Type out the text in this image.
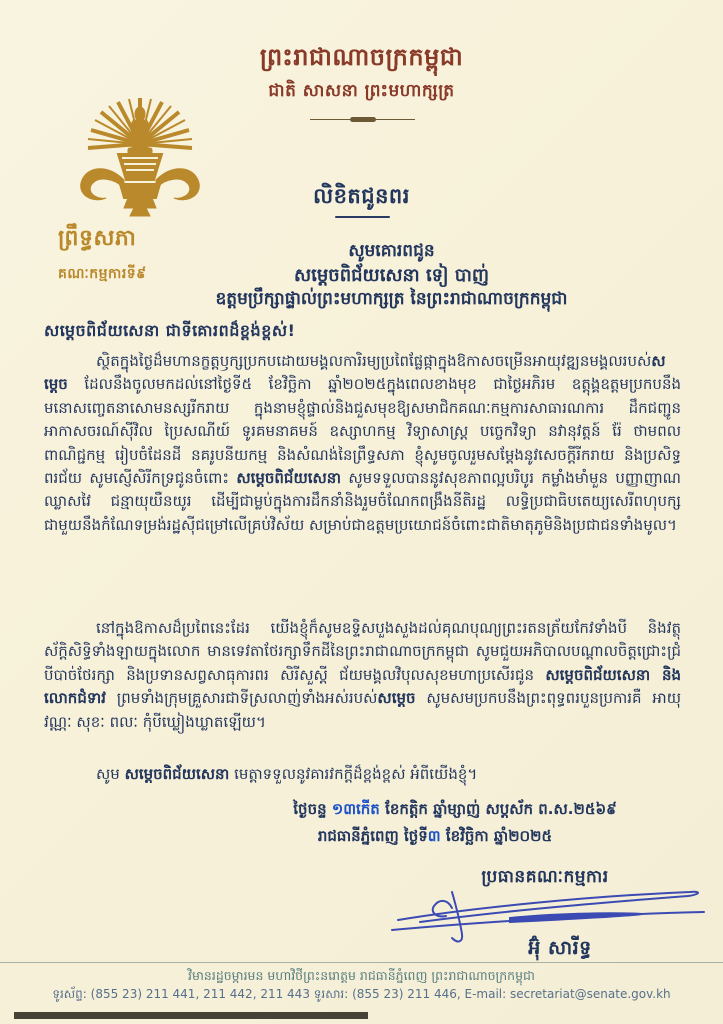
ព្រះរាជាណាចក្រកម្ពុជា
ជាតិ សាសនា ព្រះមហាក្សត្រ
ព្រឹទ្ធសភា
គណៈកម្មការទី៩
លិខិតជូនពរ
សូមគោរពជូន
សម្តេចពិជ័យសេនា ទៀ បាញ់
ឧត្តមប្រឹក្សាផ្ទាល់ព្រះមហាក្សត្រ នៃព្រះរាជាណាចក្រកម្ពុជា
សម្តេចពិជ័យសេនា ជាទីគោរពដ៏ខ្ពង់ខ្ពស់!
ស្ថិតក្នុងថ្ងៃដ៏មហានក្ខត្តឫក្សប្រកបដោយមង្គលការិរម្យប្រពៃផ្លែផ្កាក្នុងឱកាសចម្រើនអាយុវឌ្ឍនមង្គលរបស់សម្តេច ដែលនឹងចូលមកដល់នៅថ្ងៃទី៥ ខែវិច្ឆិកា ឆ្នាំ២០២៥ក្នុងពេលខាងមុខ ជាថ្ងៃអភិរម ឧត្តុង្គឧត្តមប្រកបនឹងមនោសញ្ចេតនាសោមនស្សរីករាយ ក្នុងនាមខ្ញុំផ្ទាល់និងជួសមុខឱ្យសមាជិកគណៈកម្មការសាធារណការ ដឹកជញ្ជូន អាកាសចរណ៍ស៊ីវិល ប្រៃសណីយ៍ ទូរគមនាគមន៍ ឧស្សាហកម្ម វិទ្យាសាស្ត្រ បច្ចេកវិទ្យា នវានុវត្តន៍ រ៉ែ ថាមពល ពាណិជ្ជកម្ម រៀបចំដែនដី នគរូបនីយកម្ម និងសំណង់នៃព្រឹទ្ធសភា ខ្ញុំសូមចូលរួមសម្តែងនូវសេចក្តីរីករាយ និងប្រសិទ្ធពរជ័យ សូមស្ញើសិរីកទ្រជូនចំពោះ សម្តេចពិជ័យសេនា សូមទទួលបាននូវសុខភាពល្អបរិបូរ កម្លាំងមាំមួន បញ្ញាញាណឈ្លាសវៃ ជន្មាយុយឺនយូរ ដើម្បីជាម្លប់ក្នុងការដឹកនាំនិងរួមចំណែកពង្រឹងនីតិរដ្ឋ លទ្ធិប្រជាធិបតេយ្យសេរីពហុបក្សជាមួយនឹងកំណែទម្រង់រដ្ឋស៊ីជម្រៅលើគ្រប់វិស័យ សម្រាប់ជាឧត្តមប្រយោជន៍ចំពោះជាតិមាតុភូមិនិងប្រជាជនទាំងមូល។
នៅក្នុងឱកាសដ៏ប្រពៃនេះដែរ យើងខ្ញុំក៏សូមឧទ្ទិសបួងសួងដល់គុណបុណ្យព្រះរតនត្រ័យកែវទាំងបី និងវត្ថុស័ក្តិសិទ្ធិទាំងឡាយក្នុងលោក មានទេវតាថែរក្សាទឹកដីនៃព្រះរាជាណាចក្រកម្ពុជា សូមជួយអភិបាលបណ្តាលចិត្តជ្រោះជ្រំបីបាច់ថែរក្សា និងប្រទានសព្វសាធុការពរ សិរីសួស្តី ជ័យមង្គលវិបុលសុខមហាប្រសើរជូន សម្តេចពិជ័យសេនា និងលោកជំទាវ ព្រមទាំងក្រុមគ្រួសារជាទីស្រលាញ់ទាំងអស់របស់សម្តេច សូមសមប្រកបនឹងព្រះពុទ្ធពរបួនប្រការគឺ អាយុ វណ្ណៈ សុខៈ ពលៈ កុំបីឃ្លៀងឃ្លាតឡើយ។
សូម សម្តេចពិជ័យសេនា មេត្តាទទួលនូវគារវកក្តីដ៏ខ្ពង់ខ្ពស់ អំពីយើងខ្ញុំ។
ថ្ងៃចន្ទ ១៣កើត ខែកត្តិក ឆ្នាំម្សាញ់ សប្តស័ក ព.ស.២៥៦៩
រាជធានីភ្នំពេញ ថ្ងៃទី៣ ខែវិច្ឆិកា ឆ្នាំ២០២៥
ប្រធានគណៈកម្មការ
អ៊ុំ សារីទ្ធ
វិមានរដ្ឋចម្ការមន មហាវិថីព្រះនរោត្តម រាជធានីភ្នំពេញ ព្រះរាជាណាចក្រកម្ពុជា
ទូរស័ព្ទ: (855 23) 211 441, 211 442, 211 443 ទូរសារ: (855 23) 211 446, E-mail: secretariat@senate.gov.kh
